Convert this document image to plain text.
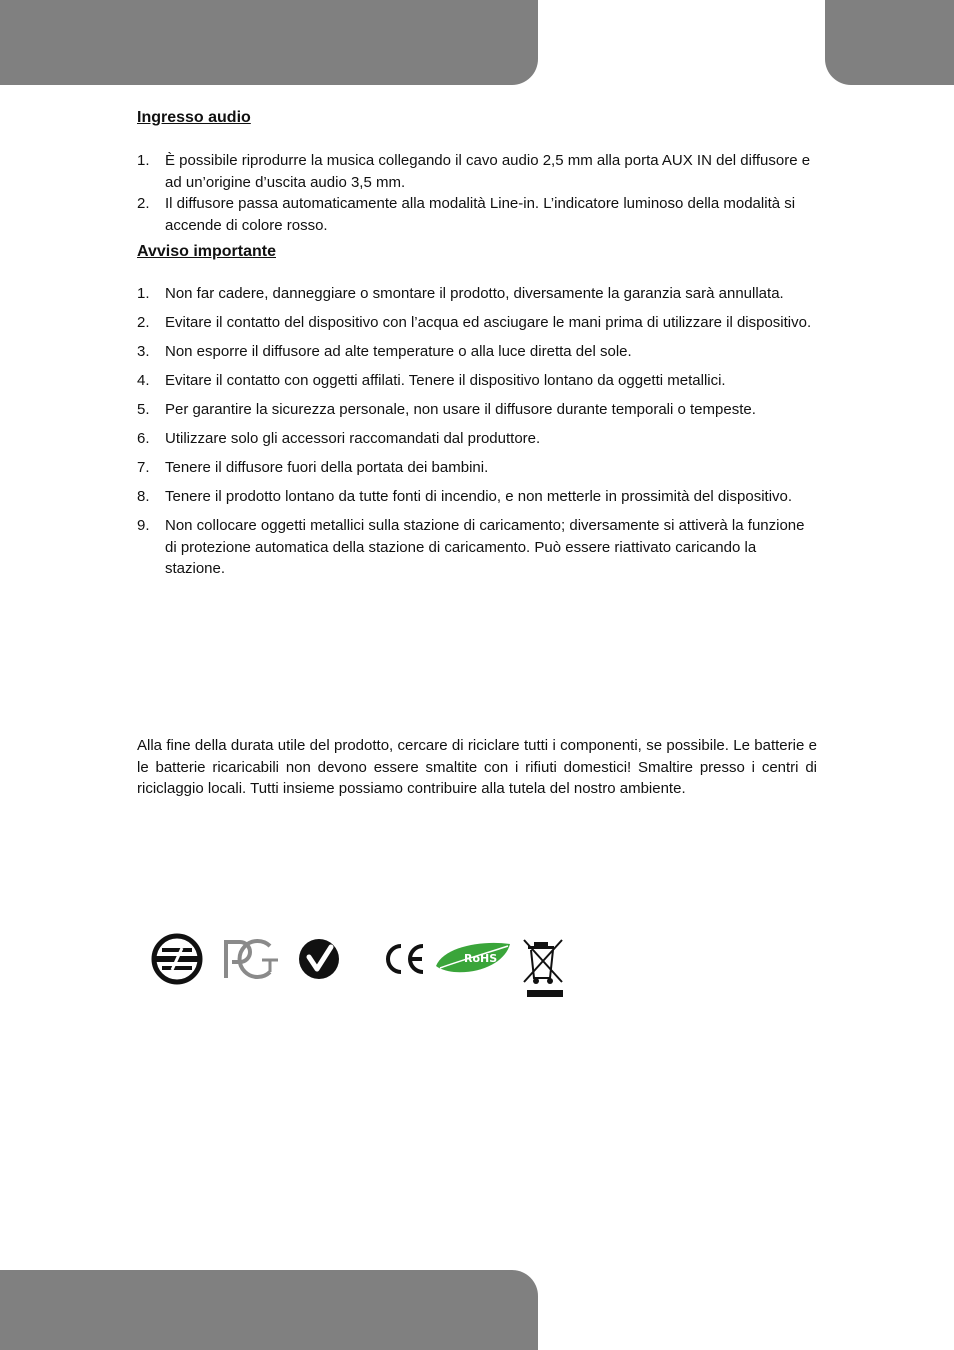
Ingresso audio
1. È possibile riprodurre la musica collegando il cavo audio 2,5 mm alla porta AUX IN del diffusore e ad un’origine d’uscita audio 3,5 mm.
2. Il diffusore passa automaticamente alla modalità Line-in. L’indicatore luminoso della modalità si accende di colore rosso.
Avviso importante
1. Non far cadere, danneggiare o smontare il prodotto, diversamente la garanzia sarà annullata.
2. Evitare il contatto del dispositivo con l’acqua ed asciugare le mani prima di utilizzare il dispositivo.
3. Non esporre il diffusore ad alte temperature o alla luce diretta del sole.
4. Evitare il contatto con oggetti affilati. Tenere il dispositivo lontano da oggetti metallici.
5. Per garantire la sicurezza personale, non usare il diffusore durante temporali o tempeste.
6. Utilizzare solo gli accessori raccomandati dal produttore.
7. Tenere il diffusore fuori della portata dei bambini.
8. Tenere il prodotto lontano da tutte fonti di incendio, e non metterle in prossimità del dispositivo.
9. Non collocare oggetti metallici sulla stazione di caricamento; diversamente si attiverà la funzione di protezione automatica della stazione di caricamento. Può essere riattivato caricando la stazione.

Alla fine della durata utile del prodotto, cercare di riciclare tutti i componenti, se possibile. Le batterie e le batterie ricaricabili non devono essere smaltite con i rifiuti domestici! Smaltire presso i centri di riciclaggio locali. Tutti insieme possiamo contribuire alla tutela del nostro ambiente.

RoHS
